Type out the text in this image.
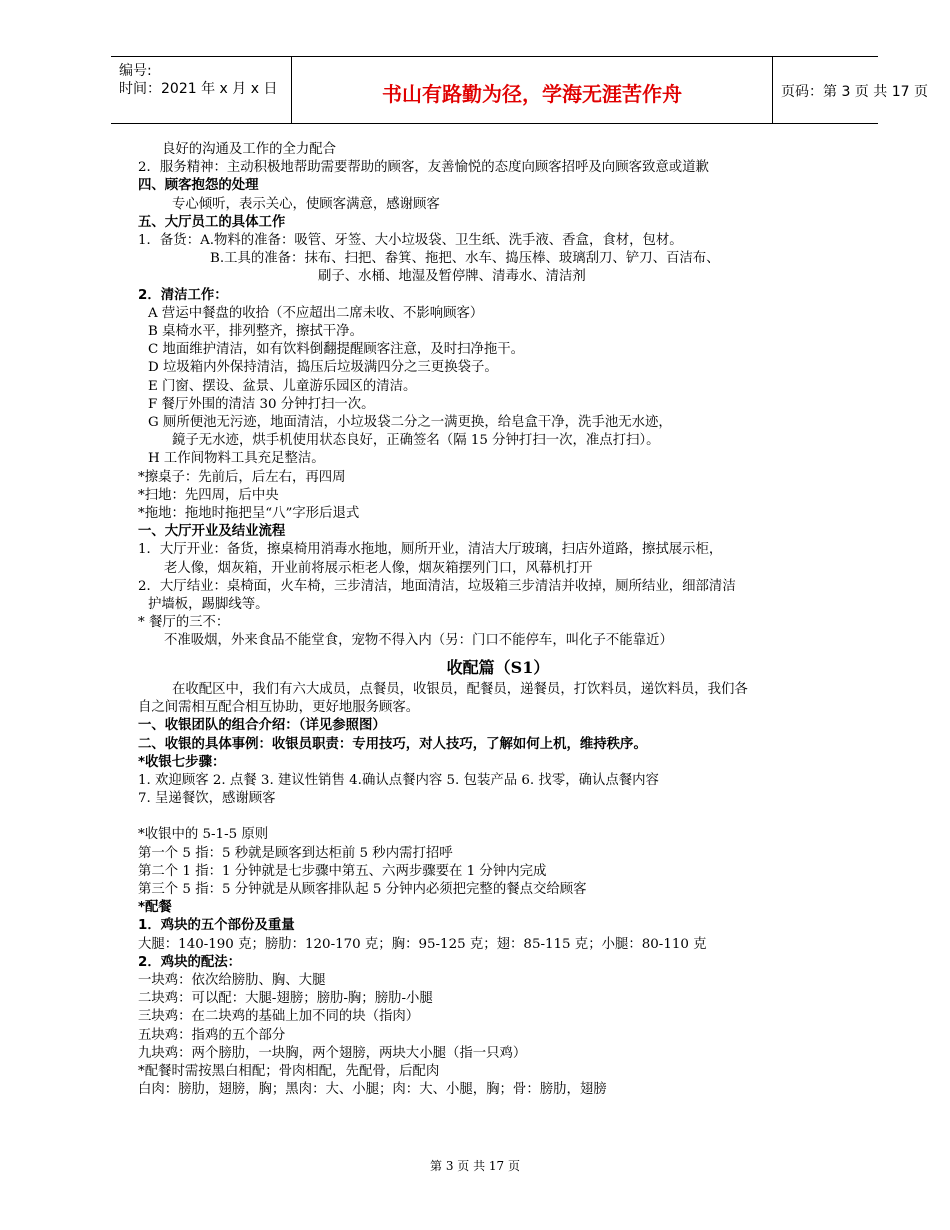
编号:
时间：2021 年 x 月 x 日	书山有路勤为径，学海无涯苦作舟	页码：第 3 页 共 17 页
良好的沟通及工作的全力配合
2．服务精神：主动积极地帮助需要帮助的顾客，友善愉悦的态度向顾客招呼及向顾客致意或道歉
四、顾客抱怨的处理
专心倾听，表示关心，使顾客满意，感谢顾客
五、大厅员工的具体工作
1．备货：A.物料的准备：吸管、牙签、大小垃圾袋、卫生纸、洗手液、香盒，食材，包材。
B.工具的准备：抹布、扫把、畚箕、拖把、水车、捣压棒、玻璃刮刀、铲刀、百洁布、
刷子、水桶、地湿及暂停牌、清毒水、清洁剂
2．清洁工作：
A 营运中餐盘的收拾（不应超出二席未收、不影响顾客）
B 桌椅水平，排列整齐，擦拭干净。
C 地面维护清洁，如有饮料倒翻提醒顾客注意，及时扫净拖干。
D 垃圾箱内外保持清洁，捣压后垃圾满四分之三更换袋子。
E 门窗、摆设、盆景、儿童游乐园区的清洁。
F 餐厅外围的清洁 30 分钟打扫一次。
G 厕所便池无污迹，地面清洁，小垃圾袋二分之一满更换，给皂盒干净，洗手池无水迹，
鏡子无水迹，烘手机使用状态良好，正确签名（隔 15 分钟打扫一次，准点打扫）。
H 工作间物料工具充足整洁。
*擦桌子：先前后，后左右，再四周
*扫地：先四周，后中央
*拖地：拖地时拖把呈“八”字形后退式
一、大厅开业及结业流程
1．大厅开业：备货，擦桌椅用消毒水拖地，厕所开业，清洁大厅玻璃，扫店外道路，擦拭展示柜，
老人像，烟灰箱，开业前将展示柜老人像，烟灰箱摆列门口，风幕机打开
2．大厅结业：桌椅面，火车椅，三步清洁，地面清洁，垃圾箱三步清洁并收掉，厕所结业，细部清洁
护墙板，踢脚线等。
* 餐厅的三不：
不准吸烟，外来食品不能堂食，宠物不得入内（另：门口不能停车，叫化子不能靠近）
收配篇（S1）
在收配区中，我们有六大成员，点餐员，收银员，配餐员，递餐员，打饮料员，递饮料员，我们各
自之间需相互配合相互协助，更好地服务顾客。
一、收银团队的组合介绍：（详见参照图）
二、收银的具体事例：收银员职责：专用技巧，对人技巧，了解如何上机，维持秩序。
*收银七步骤：
1. 欢迎顾客 2. 点餐 3. 建议性销售 4.确认点餐内容 5. 包装产品 6. 找零，确认点餐内容
7. 呈递餐饮，感谢顾客
*收银中的 5-1-5 原则
第一个 5 指：5 秒就是顾客到达柜前 5 秒内需打招呼
第二个 1 指：1 分钟就是七步骤中第五、六两步骤要在 1 分钟内完成
第三个 5 指：5 分钟就是从顾客排队起 5 分钟内必须把完整的餐点交给顾客
*配餐
1．鸡块的五个部份及重量
大腿：140-190 克；膀肋：120-170 克；胸：95-125 克；翅：85-115 克；小腿：80-110 克
2．鸡块的配法：
一块鸡：依次给膀肋、胸、大腿
二块鸡：可以配：大腿-翅膀；膀肋-胸；膀肋-小腿
三块鸡：在二块鸡的基础上加不同的块（指肉）
五块鸡：指鸡的五个部分
九块鸡：两个膀肋，一块胸，两个翅膀，两块大小腿（指一只鸡）
*配餐时需按黑白相配；骨肉相配，先配骨，后配肉
白肉：膀肋，翅膀，胸；黑肉：大、小腿；肉：大、小腿，胸；骨：膀肋，翅膀
第 3 页 共 17 页
